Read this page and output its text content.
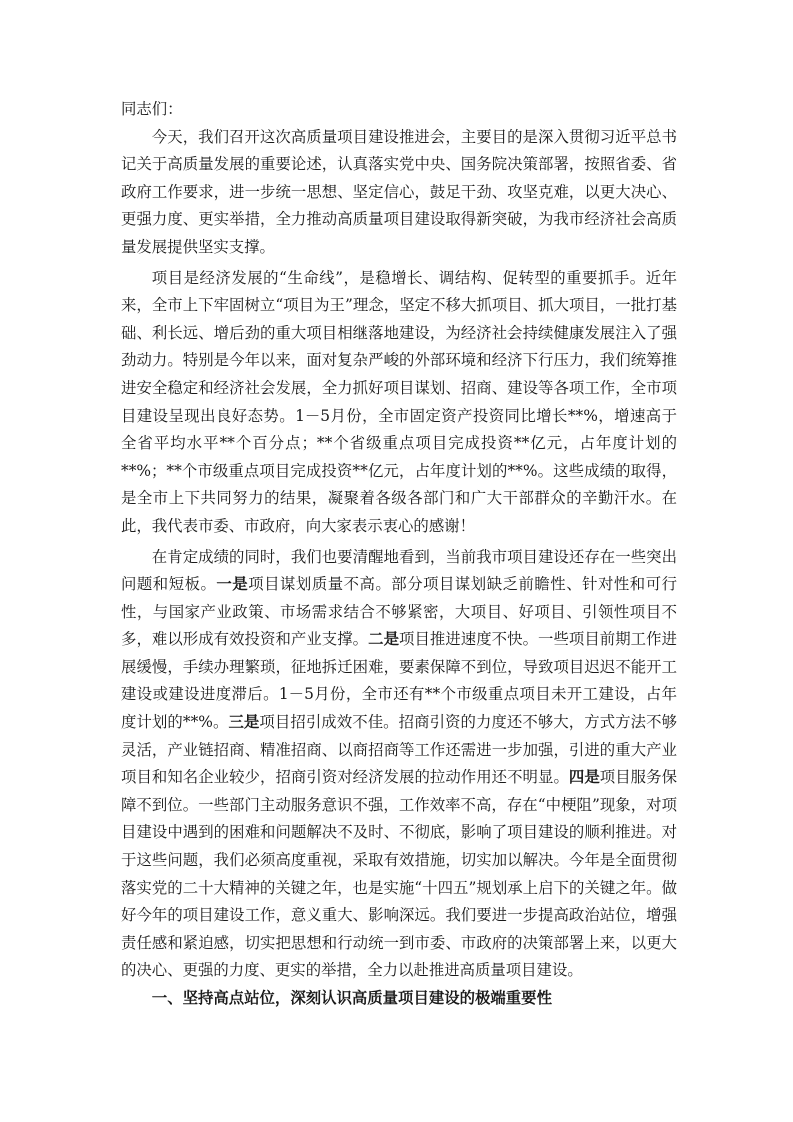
同志们：

今天，我们召开这次高质量项目建设推进会，主要目的是深入贯彻习近平总书记关于高质量发展的重要论述，认真落实党中央、国务院决策部署，按照省委、省政府工作要求，进一步统一思想、坚定信心，鼓足干劲、攻坚克难，以更大决心、更强力度、更实举措，全力推动高质量项目建设取得新突破，为我市经济社会高质量发展提供坚实支撑。

项目是经济发展的“生命线”，是稳增长、调结构、促转型的重要抓手。近年来，全市上下牢固树立“项目为王”理念，坚定不移大抓项目、抓大项目，一批打基础、利长远、增后劲的重大项目相继落地建设，为经济社会持续健康发展注入了强劲动力。特别是今年以来，面对复杂严峻的外部环境和经济下行压力，我们统筹推进安全稳定和经济社会发展，全力抓好项目谋划、招商、建设等各项工作，全市项目建设呈现出良好态势。1－5月份，全市固定资产投资同比增长**%，增速高于全省平均水平**个百分点；**个省级重点项目完成投资**亿元，占年度计划的**%；**个市级重点项目完成投资**亿元，占年度计划的**%。这些成绩的取得，是全市上下共同努力的结果，凝聚着各级各部门和广大干部群众的辛勤汗水。在此，我代表市委、市政府，向大家表示衷心的感谢！

在肯定成绩的同时，我们也要清醒地看到，当前我市项目建设还存在一些突出问题和短板。一是项目谋划质量不高。部分项目谋划缺乏前瞻性、针对性和可行性，与国家产业政策、市场需求结合不够紧密，大项目、好项目、引领性项目不多，难以形成有效投资和产业支撑。二是项目推进速度不快。一些项目前期工作进展缓慢，手续办理繁琐，征地拆迁困难，要素保障不到位，导致项目迟迟不能开工建设或建设进度滞后。1－5月份，全市还有**个市级重点项目未开工建设，占年度计划的**%。三是项目招引成效不佳。招商引资的力度还不够大，方式方法不够灵活，产业链招商、精准招商、以商招商等工作还需进一步加强，引进的重大产业项目和知名企业较少，招商引资对经济发展的拉动作用还不明显。四是项目服务保障不到位。一些部门主动服务意识不强，工作效率不高，存在“中梗阻”现象，对项目建设中遇到的困难和问题解决不及时、不彻底，影响了项目建设的顺利推进。对于这些问题，我们必须高度重视，采取有效措施，切实加以解决。今年是全面贯彻落实党的二十大精神的关键之年，也是实施“十四五”规划承上启下的关键之年。做好今年的项目建设工作，意义重大、影响深远。我们要进一步提高政治站位，增强责任感和紧迫感，切实把思想和行动统一到市委、市政府的决策部署上来，以更大的决心、更强的力度、更实的举措，全力以赴推进高质量项目建设。

一、坚持高点站位，深刻认识高质量项目建设的极端重要性
